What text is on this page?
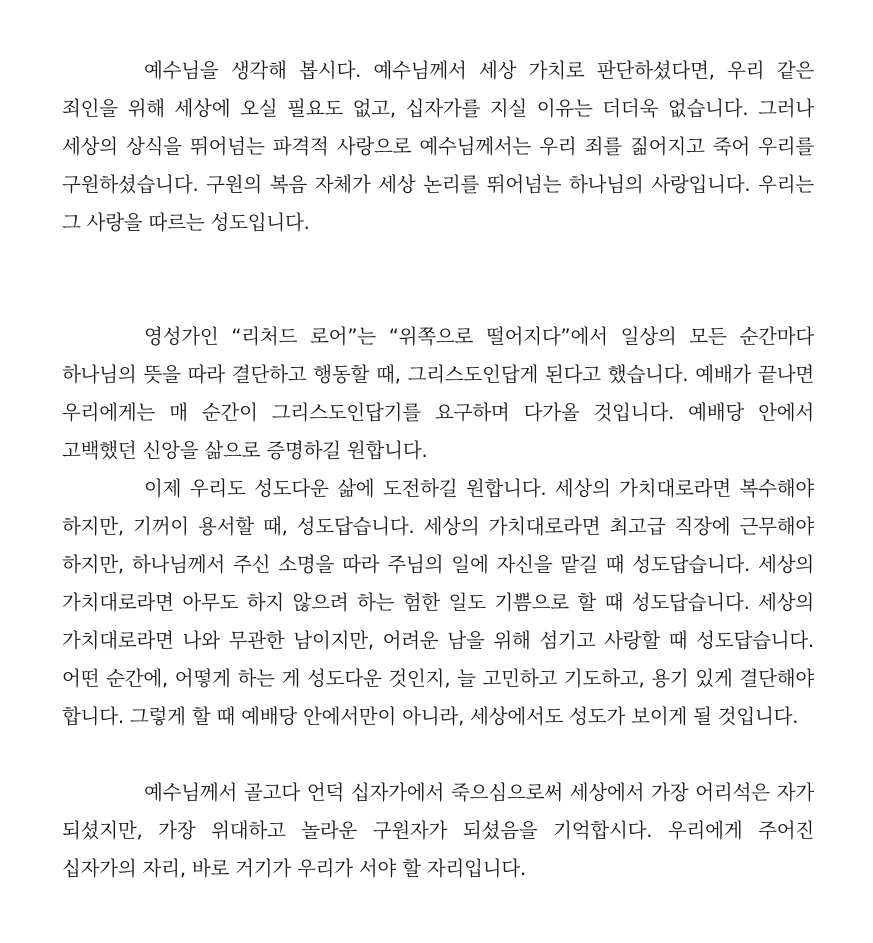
예수님을 생각해 봅시다. 예수님께서 세상 가치로 판단하셨다면, 우리 같은 죄인을 위해 세상에 오실 필요도 없고, 십자가를 지실 이유는 더더욱 없습니다. 그러나 세상의 상식을 뛰어넘는 파격적 사랑으로 예수님께서는 우리 죄를 짊어지고 죽어 우리를 구원하셨습니다. 구원의 복음 자체가 세상 논리를 뛰어넘는 하나님의 사랑입니다. 우리는 그 사랑을 따르는 성도입니다.

영성가인 “리처드 로어”는 “위쪽으로 떨어지다”에서 일상의 모든 순간마다 하나님의 뜻을 따라 결단하고 행동할 때, 그리스도인답게 된다고 했습니다. 예배가 끝나면 우리에게는 매 순간이 그리스도인답기를 요구하며 다가올 것입니다. 예배당 안에서 고백했던 신앙을 삶으로 증명하길 원합니다.

이제 우리도 성도다운 삶에 도전하길 원합니다. 세상의 가치대로라면 복수해야 하지만, 기꺼이 용서할 때, 성도답습니다. 세상의 가치대로라면 최고급 직장에 근무해야 하지만, 하나님께서 주신 소명을 따라 주님의 일에 자신을 맡길 때 성도답습니다. 세상의 가치대로라면 아무도 하지 않으려 하는 험한 일도 기쁨으로 할 때 성도답습니다. 세상의 가치대로라면 나와 무관한 남이지만, 어려운 남을 위해 섬기고 사랑할 때 성도답습니다. 어떤 순간에, 어떻게 하는 게 성도다운 것인지, 늘 고민하고 기도하고, 용기 있게 결단해야 합니다. 그렇게 할 때 예배당 안에서만이 아니라, 세상에서도 성도가 보이게 될 것입니다.

예수님께서 골고다 언덕 십자가에서 죽으심으로써 세상에서 가장 어리석은 자가 되셨지만, 가장 위대하고 놀라운 구원자가 되셨음을 기억합시다. 우리에게 주어진 십자가의 자리, 바로 거기가 우리가 서야 할 자리입니다.
